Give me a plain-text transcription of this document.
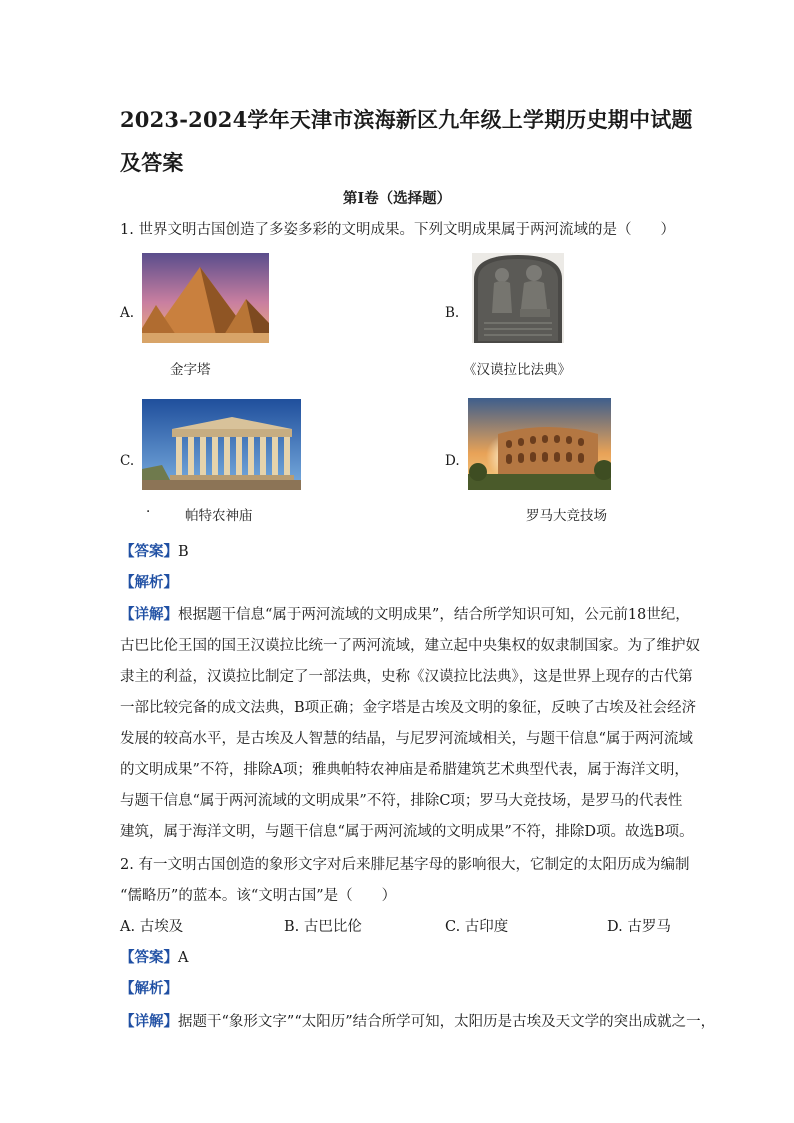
2023-2024学年天津市滨海新区九年级上学期历史期中试题
及答案
第Ⅰ卷（选择题）
1. 世界文明古国创造了多姿多彩的文明成果。下列文明成果属于两河流域的是（　　）
A.
金字塔
B.
《汉谟拉比法典》
C.
·	帕特农神庙
D.
罗马大竞技场
【答案】B
【解析】
【详解】根据题干信息“属于两河流域的文明成果”，结合所学知识可知，公元前18世纪，
古巴比伦王国的国王汉谟拉比统一了两河流域，建立起中央集权的奴隶制国家。为了维护奴
隶主的利益，汉谟拉比制定了一部法典，史称《汉谟拉比法典》，这是世界上现存的古代第
一部比较完备的成文法典，B项正确；金字塔是古埃及文明的象征，反映了古埃及社会经济
发展的较高水平，是古埃及人智慧的结晶，与尼罗河流域相关，与题干信息“属于两河流域
的文明成果”不符，排除A项；雅典帕特农神庙是希腊建筑艺术典型代表，属于海洋文明，
与题干信息“属于两河流域的文明成果”不符，排除C项；罗马大竞技场，是罗马的代表性
建筑，属于海洋文明，与题干信息“属于两河流域的文明成果”不符，排除D项。故选B项。
2. 有一文明古国创造的象形文字对后来腓尼基字母的影响很大，它制定的太阳历成为编制
“儒略历”的蓝本。该“文明古国”是（　　）
A. 古埃及	B. 古巴比伦	C. 古印度	D. 古罗马
【答案】A
【解析】
【详解】据题干“象形文字”“太阳历”结合所学可知，太阳历是古埃及天文学的突出成就之一，
